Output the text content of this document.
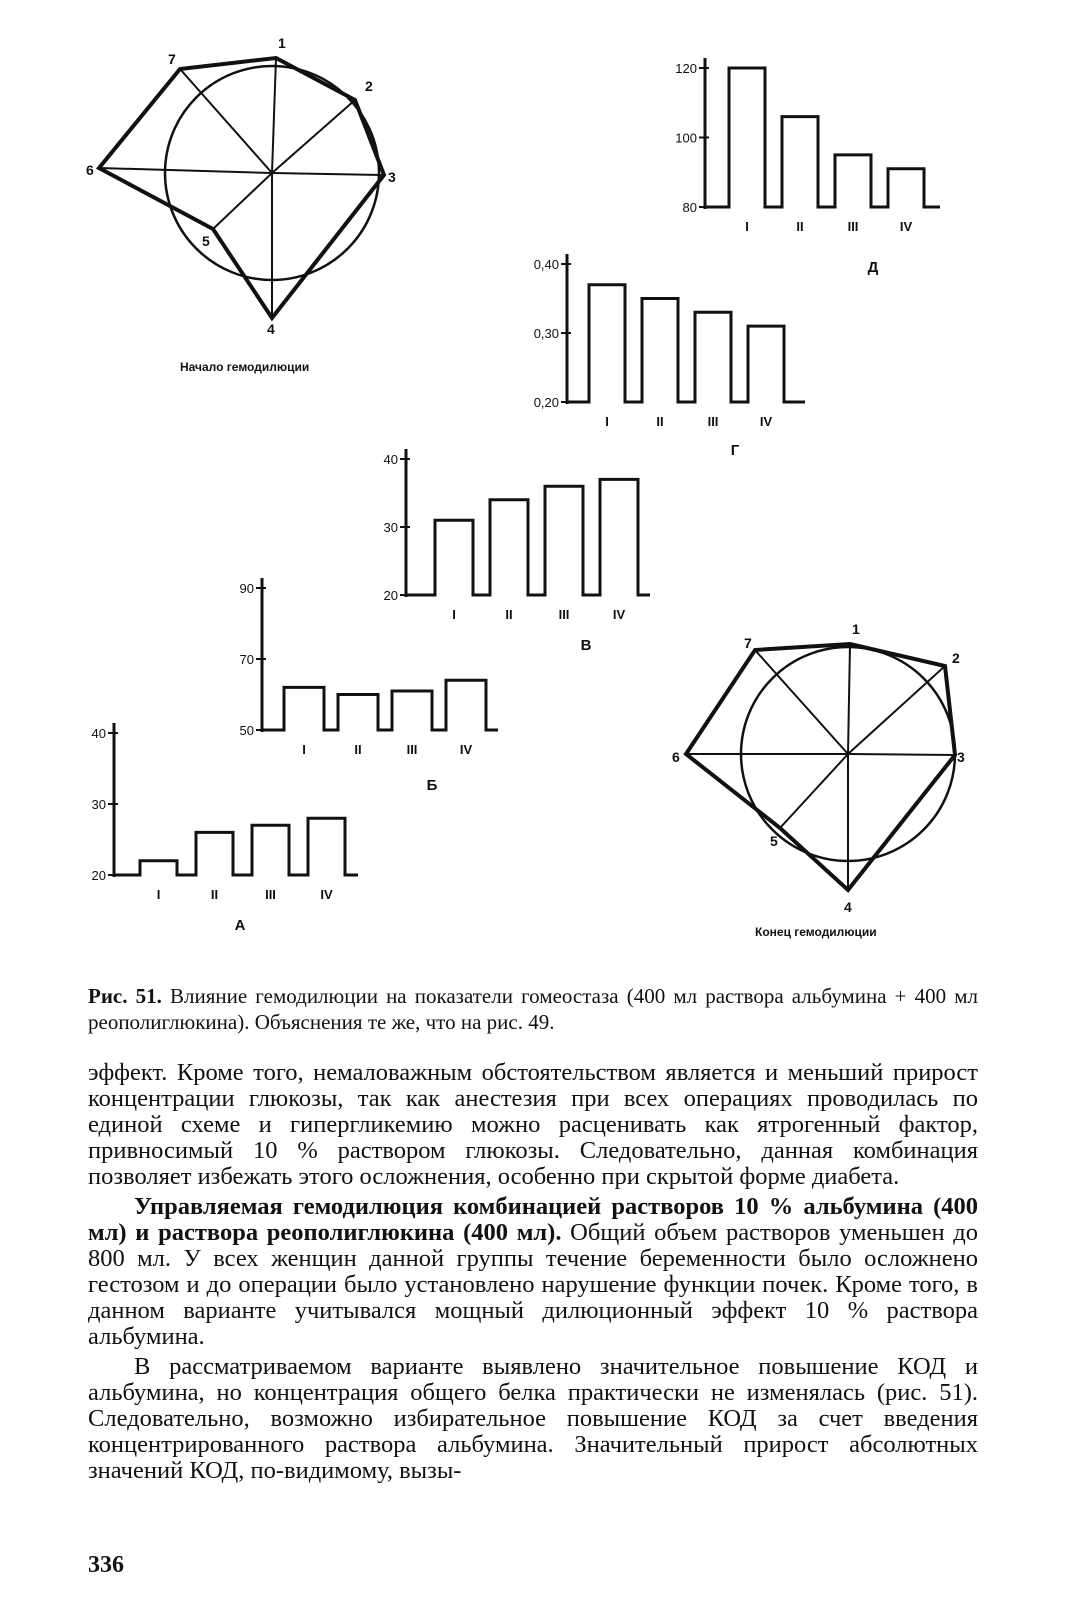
1
2
3
4
5
6
7
Начало гемодилюции
1
2
3
4
5
6
7
Конец гемодилюции
80
100
120
I	II	III	IV
Д
0,20
0,30
0,40
I	II	III	IV
Г
20
30
40
I	II	III	IV
В
50
70
90
I	II	III	IV
Б
20
30
40
I	II	III	IV
А

Рис. 51. Влияние гемодилюции на показатели гомеостаза (400 мл раствора альбумина + 400 мл реополиглюкина). Объяснения те же, что на рис. 49.

эффект. Кроме того, немаловажным обстоятельством является и меньший прирост концентрации глюкозы, так как анестезия при всех операциях проводилась по единой схеме и гипергликемию можно расценивать как ятрогенный фактор, привносимый 10 % раствором глюкозы. Следовательно, данная комбинация позволяет избежать этого осложнения, особенно при скрытой форме диабета.

Управляемая гемодилюция комбинацией растворов 10 % альбумина (400 мл) и раствора реополиглюкина (400 мл). Общий объем растворов уменьшен до 800 мл. У всех женщин данной группы течение беременности было осложнено гестозом и до операции было установлено нарушение функции почек. Кроме того, в данном варианте учитывался мощный дилюционный эффект 10 % раствора альбумина.

В рассматриваемом варианте выявлено значительное повышение КОД и альбумина, но концентрация общего белка практически не изменялась (рис. 51). Следовательно, возможно избирательное повышение КОД за счет введения концентрированного раствора альбумина. Значительный прирост абсолютных значений КОД, по-видимому, вызы-

336
